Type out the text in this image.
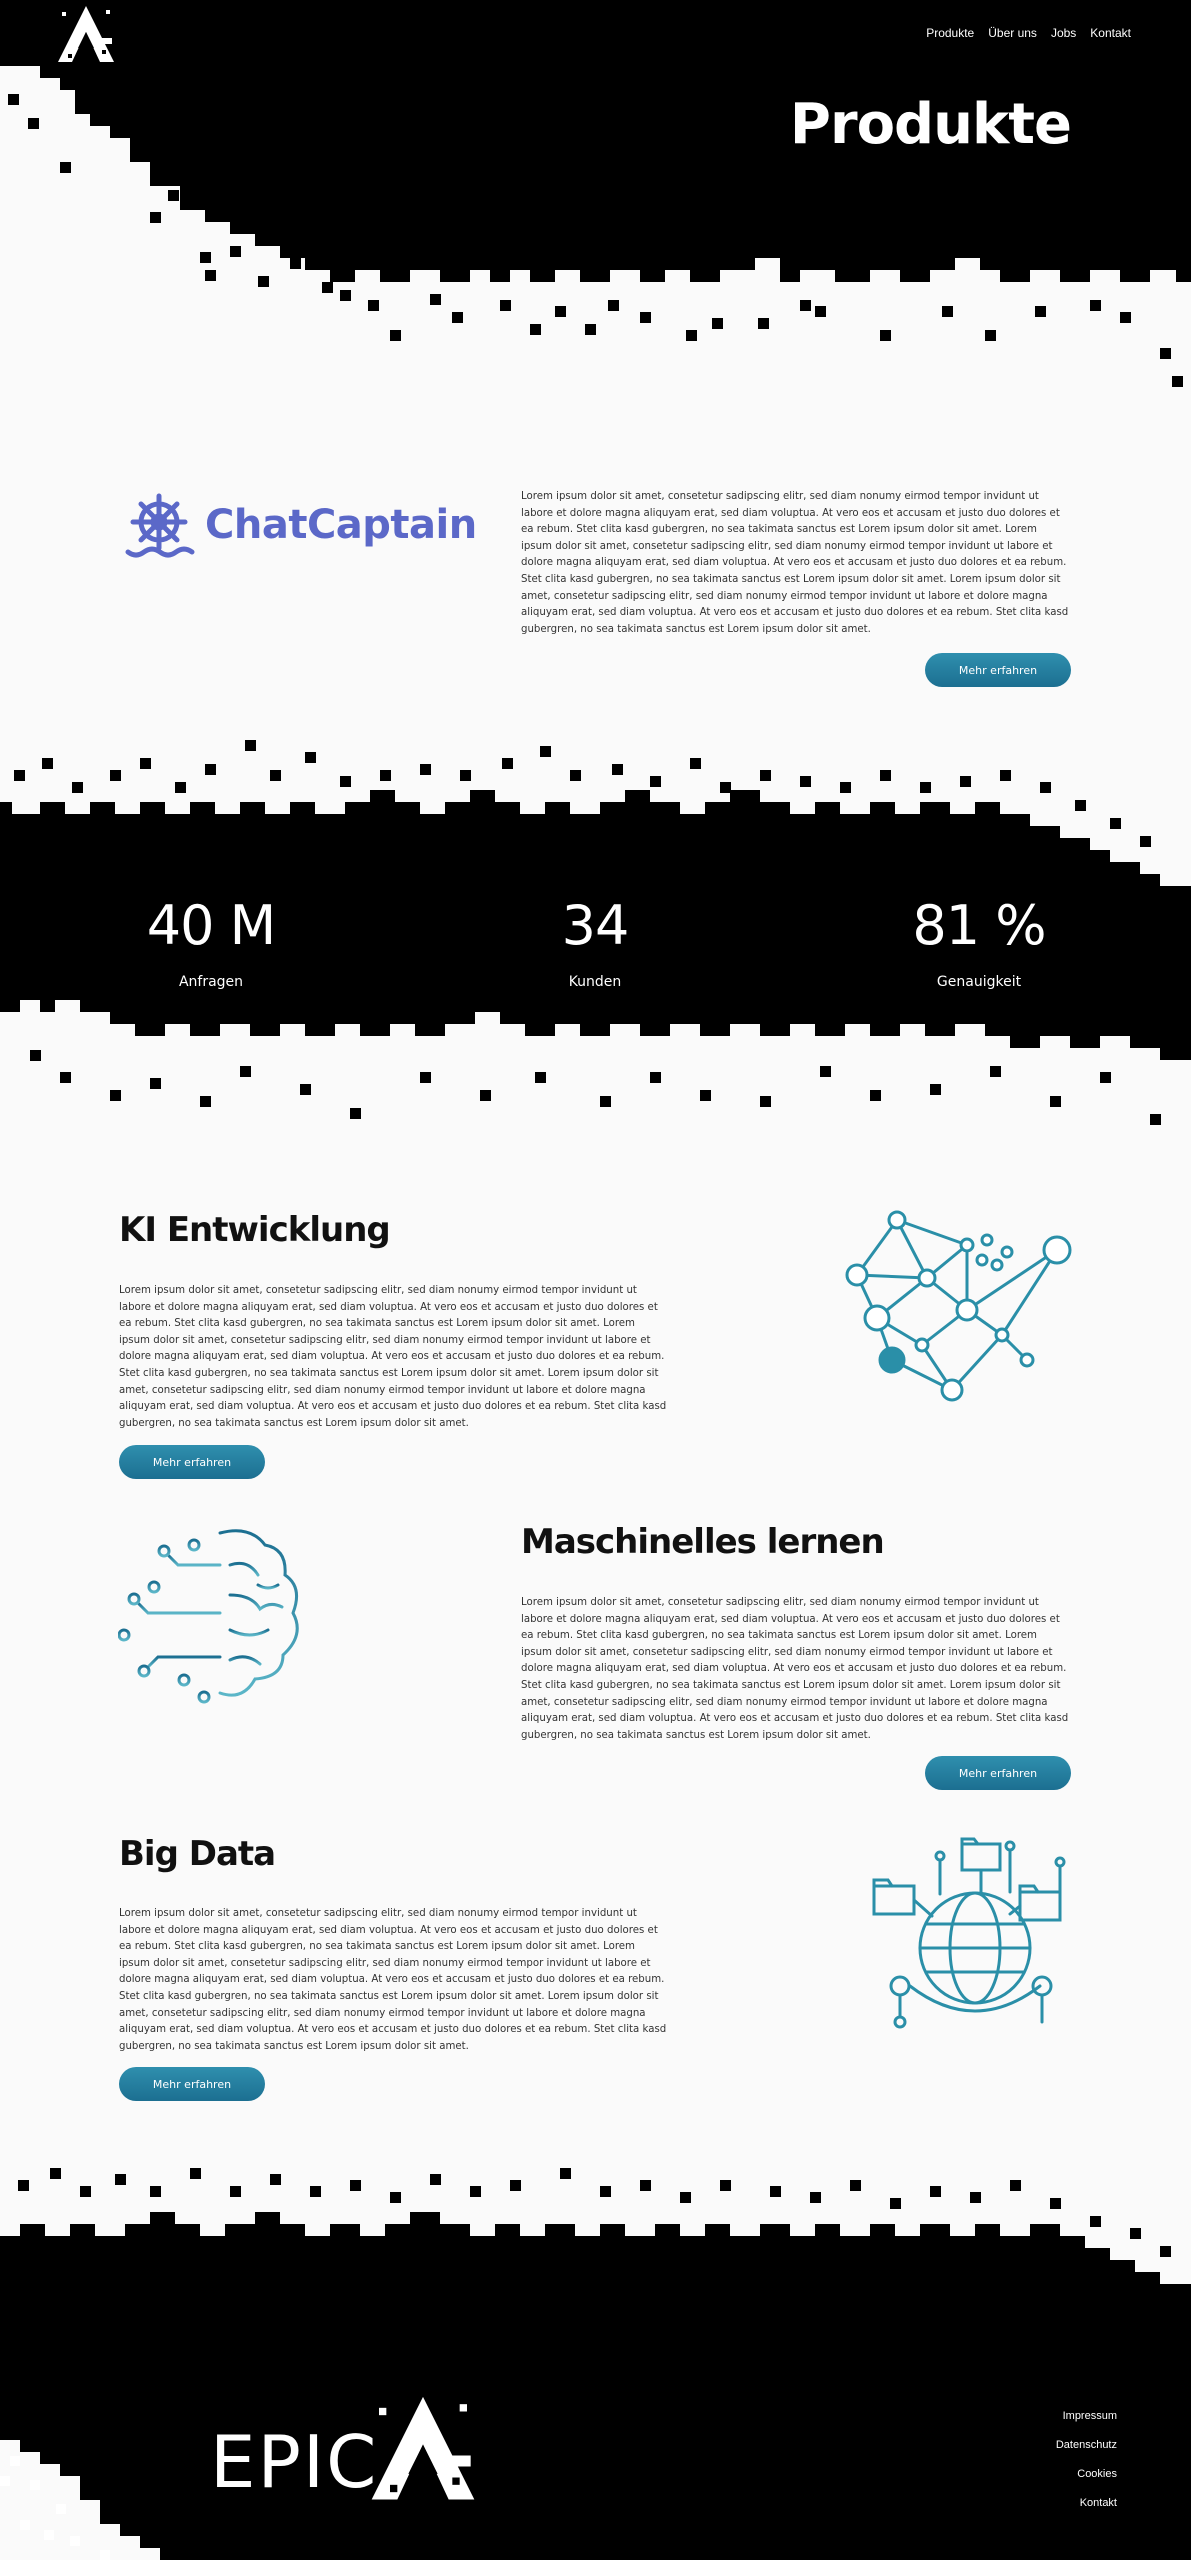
Produkte Über uns Jobs Kontakt
Produkte
ChatCaptain

Lorem ipsum dolor sit amet, consetetur sadipscing elitr, sed diam nonumy eirmod tempor invidunt ut labore et dolore magna aliquyam erat, sed diam voluptua. At vero eos et accusam et justo duo dolores et ea rebum. Stet clita kasd gubergren, no sea takimata sanctus est Lorem ipsum dolor sit amet. Lorem ipsum dolor sit amet, consetetur sadipscing elitr, sed diam nonumy eirmod tempor invidunt ut labore et dolore magna aliquyam erat, sed diam voluptua. At vero eos et accusam et justo duo dolores et ea rebum. Stet clita kasd gubergren, no sea takimata sanctus est Lorem ipsum dolor sit amet. Lorem ipsum dolor sit amet, consetetur sadipscing elitr, sed diam nonumy eirmod tempor invidunt ut labore et dolore magna aliquyam erat, sed diam voluptua. At vero eos et accusam et justo duo dolores et ea rebum. Stet clita kasd gubergren, no sea takimata sanctus est Lorem ipsum dolor sit amet.

Mehr erfahren
40 M
Anfragen
34
Kunden
81 %
Genauigkeit
KI Entwicklung

Lorem ipsum dolor sit amet, consetetur sadipscing elitr, sed diam nonumy eirmod tempor invidunt ut labore et dolore magna aliquyam erat, sed diam voluptua. At vero eos et accusam et justo duo dolores et ea rebum. Stet clita kasd gubergren, no sea takimata sanctus est Lorem ipsum dolor sit amet. Lorem ipsum dolor sit amet, consetetur sadipscing elitr, sed diam nonumy eirmod tempor invidunt ut labore et dolore magna aliquyam erat, sed diam voluptua. At vero eos et accusam et justo duo dolores et ea rebum. Stet clita kasd gubergren, no sea takimata sanctus est Lorem ipsum dolor sit amet. Lorem ipsum dolor sit amet, consetetur sadipscing elitr, sed diam nonumy eirmod tempor invidunt ut labore et dolore magna aliquyam erat, sed diam voluptua. At vero eos et accusam et justo duo dolores et ea rebum. Stet clita kasd gubergren, no sea takimata sanctus est Lorem ipsum dolor sit amet.

Mehr erfahren
Maschinelles lernen

Lorem ipsum dolor sit amet, consetetur sadipscing elitr, sed diam nonumy eirmod tempor invidunt ut labore et dolore magna aliquyam erat, sed diam voluptua. At vero eos et accusam et justo duo dolores et ea rebum. Stet clita kasd gubergren, no sea takimata sanctus est Lorem ipsum dolor sit amet. Lorem ipsum dolor sit amet, consetetur sadipscing elitr, sed diam nonumy eirmod tempor invidunt ut labore et dolore magna aliquyam erat, sed diam voluptua. At vero eos et accusam et justo duo dolores et ea rebum. Stet clita kasd gubergren, no sea takimata sanctus est Lorem ipsum dolor sit amet. Lorem ipsum dolor sit amet, consetetur sadipscing elitr, sed diam nonumy eirmod tempor invidunt ut labore et dolore magna aliquyam erat, sed diam voluptua. At vero eos et accusam et justo duo dolores et ea rebum. Stet clita kasd gubergren, no sea takimata sanctus est Lorem ipsum dolor sit amet.

Mehr erfahren
Big Data

Lorem ipsum dolor sit amet, consetetur sadipscing elitr, sed diam nonumy eirmod tempor invidunt ut labore et dolore magna aliquyam erat, sed diam voluptua. At vero eos et accusam et justo duo dolores et ea rebum. Stet clita kasd gubergren, no sea takimata sanctus est Lorem ipsum dolor sit amet. Lorem ipsum dolor sit amet, consetetur sadipscing elitr, sed diam nonumy eirmod tempor invidunt ut labore et dolore magna aliquyam erat, sed diam voluptua. At vero eos et accusam et justo duo dolores et ea rebum. Stet clita kasd gubergren, no sea takimata sanctus est Lorem ipsum dolor sit amet. Lorem ipsum dolor sit amet, consetetur sadipscing elitr, sed diam nonumy eirmod tempor invidunt ut labore et dolore magna aliquyam erat, sed diam voluptua. At vero eos et accusam et justo duo dolores et ea rebum. Stet clita kasd gubergren, no sea takimata sanctus est Lorem ipsum dolor sit amet.

Mehr erfahren
EPIC
Impressum
Datenschutz
Cookies
Kontakt
